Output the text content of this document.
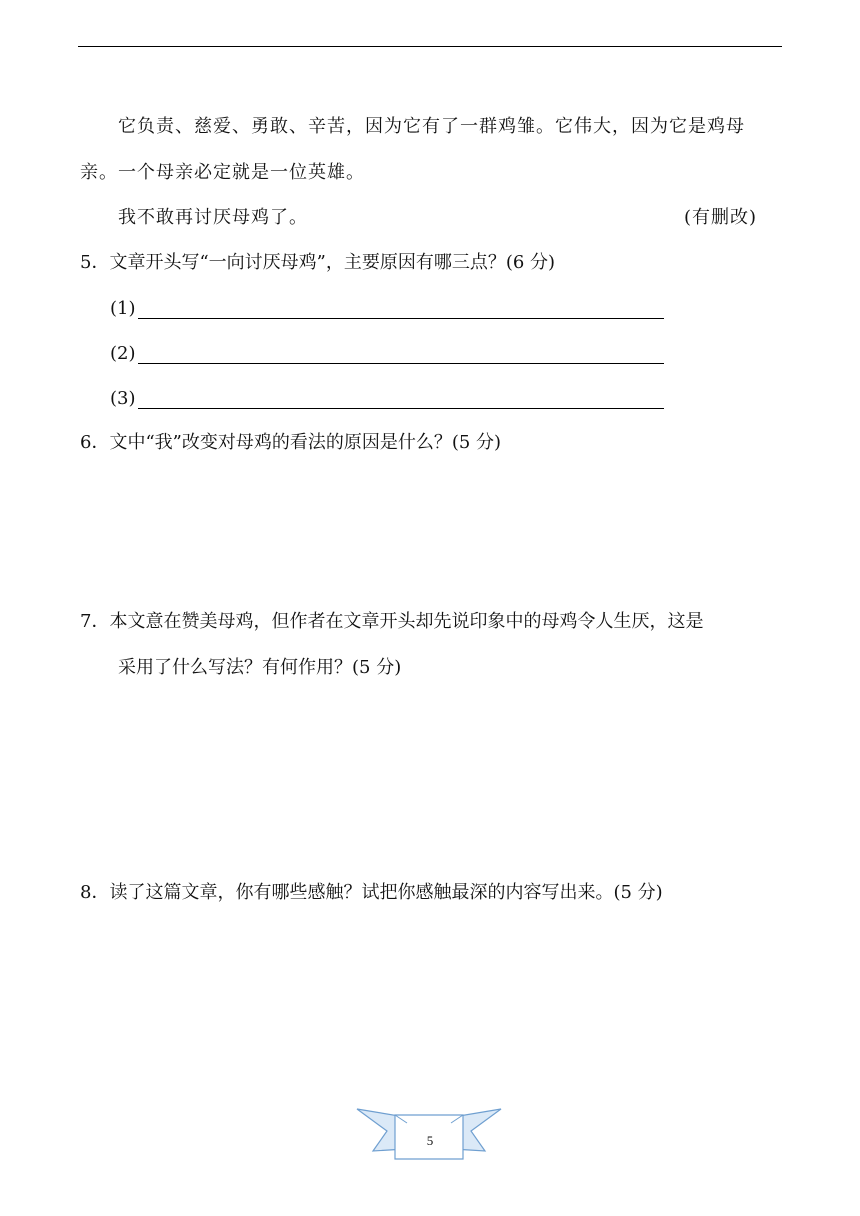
它负责、慈爱、勇敢、辛苦，因为它有了一群鸡雏。它伟大，因为它是鸡母
亲。一个母亲必定就是一位英雄。
我不敢再讨厌母鸡了。	(有删改)
5．文章开头写“一向讨厌母鸡”，主要原因有哪三点？(6 分)
(1)
(2)
(3)
6．文中“我”改变对母鸡的看法的原因是什么？(5 分)
7．本文意在赞美母鸡，但作者在文章开头却先说印象中的母鸡令人生厌，这是
采用了什么写法？有何作用？(5 分)
8．读了这篇文章，你有哪些感触？试把你感触最深的内容写出来。(5 分)
5
